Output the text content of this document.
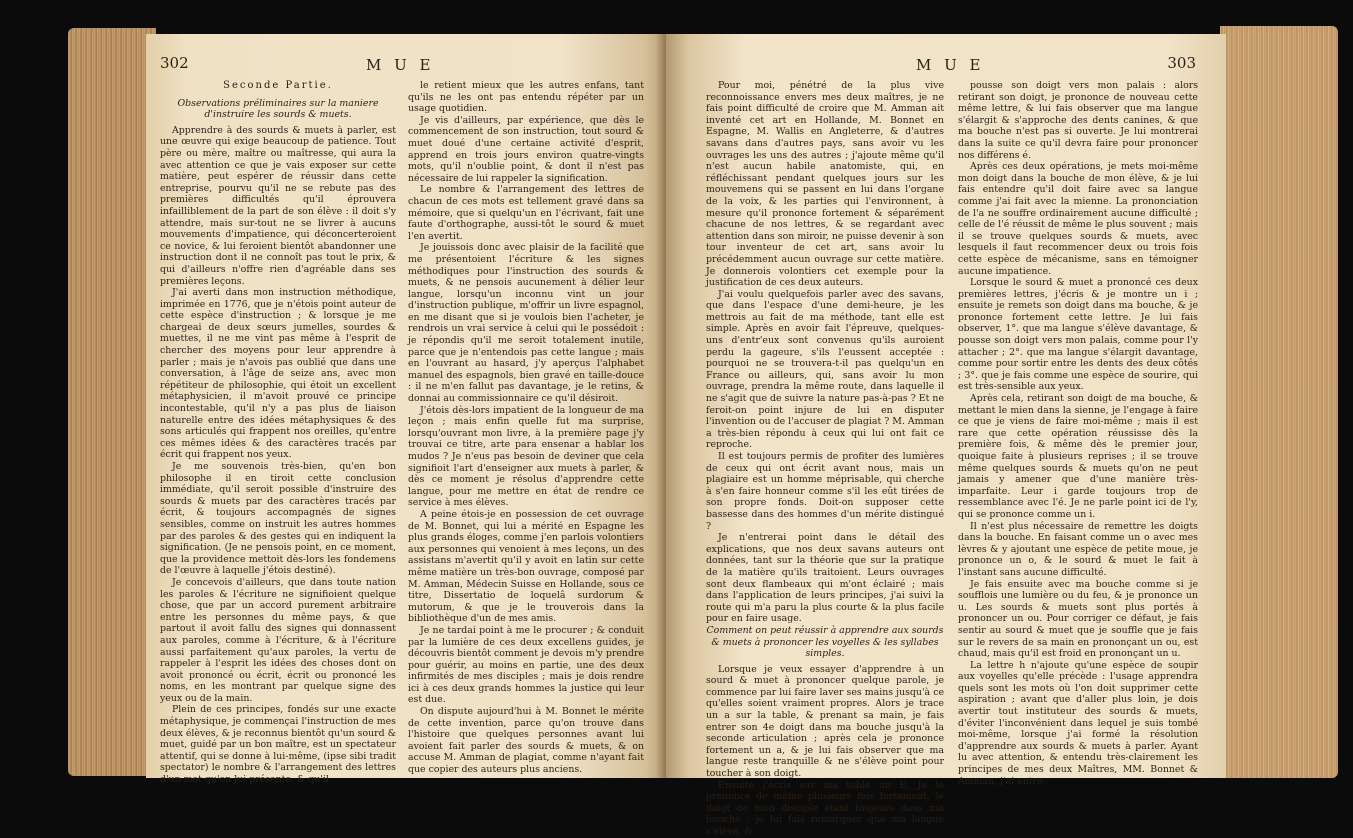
302	M U E

Seconde Partie.

Observations préliminaires sur la maniere d'instruire les sourds & muets.

Apprendre à des sourds & muets à parler, est une œuvre qui exige beaucoup de patience. Tout père ou mère, maître ou maîtresse, qui aura la avec attention ce que je vais exposer sur cette matière, peut espérer de réussir dans cette entreprise, pourvu qu'il ne se rebute pas des premières difficultés qu'il éprouvera infailliblement de la part de son élève : il doit s'y attendre, mais sur-tout ne se livrer à aucuns mouvements d'impatience, qui déconcerteroient ce novice, & lui feroient bientôt abandonner une instruction dont il ne connoît pas tout le prix, & qui d'ailleurs n'offre rien d'agréable dans ses premières leçons.

J'ai averti dans mon instruction méthodique, imprimée en 1776, que je n'étois point auteur de cette espèce d'instruction ; & lorsque je me chargeai de deux sœurs jumelles, sourdes & muettes, il ne me vint pas même à l'esprit de chercher des moyens pour leur apprendre à parler ; mais je n'avois pas oublié que dans une conversation, à l'âge de seize ans, avec mon répétiteur de philosophie, qui étoit un excellent métaphysicien, il m'avoit prouvé ce principe incontestable, qu'il n'y a pas plus de liaison naturelle entre des idées métaphysiques & des sons articulés qui frappent nos oreilles, qu'entre ces mêmes idées & des caractères tracés par écrit qui frappent nos yeux.

Je me souvenois très-bien, qu'en bon philosophe il en tiroit cette conclusion immédiate, qu'il seroit possible d'instruire des sourds & muets par des caractères tracés par écrit, & toujours accompagnés de signes sensibles, comme on instruit les autres hommes par des paroles & des gestes qui en indiquent la signification. (Je ne pensois point, en ce moment, que la providence mettoit dès-lors les fondemens de l'œuvre à laquelle j'étois destiné).

Je concevois d'ailleurs, que dans toute nation les paroles & l'écriture ne signifioient quelque chose, que par un accord purement arbitraire entre les personnes du même pays, & que partout il avoit fallu des signes qui donnassent aux paroles, comme à l'écriture, & à l'écriture aussi parfaitement qu'aux paroles, la vertu de rappeler à l'esprit les idées des choses dont on avoit prononcé ou écrit, écrit ou prononcé les noms, en les montrant par quelque signe des yeux ou de la main.

Plein de ces principes, fondés sur une exacte métaphysique, je commençai l'instruction de mes deux élèves, & je reconnus bientôt qu'un sourd & muet, guidé par un bon maître, est un spectateur attentif, qui se donne à lui-même, (ipse sibi tradit spectator) le nombre & l'arrangement des lettres d'un mot qu'on lui présente, & qu'il

le retient mieux que les autres enfans, tant qu'ils ne les ont pas entendu répéter par un usage quotidien.

Je vis d'ailleurs, par expérience, que dès le commencement de son instruction, tout sourd & muet doué d'une certaine activité d'esprit, apprend en trois jours environ quatre-vingts mots, qu'il n'oublie point, & dont il n'est pas nécessaire de lui rappeler la signification.

Le nombre & l'arrangement des lettres de chacun de ces mots est tellement gravé dans sa mémoire, que si quelqu'un en l'écrivant, fait une faute d'orthographe, aussi-tôt le sourd & muet l'en avertit.

Je jouissois donc avec plaisir de la facilité que me présentoient l'écriture & les signes méthodiques pour l'instruction des sourds & muets, & ne pensois aucunement à délier leur langue, lorsqu'un inconnu vint un jour d'instruction publique, m'offrir un livre espagnol, en me disant que si je voulois bien l'acheter, je rendrois un vrai service à celui qui le possédoit : je répondis qu'il me seroit totalement inutile, parce que je n'entendois pas cette langue ; mais en l'ouvrant au hasard, j'y aperçus l'alphabet manuel des espagnols, bien gravé en taille-douce : il ne m'en fallut pas davantage, je le retins, & donnai au commissionnaire ce qu'il désiroit.

J'étois dès-lors impatient de la longueur de ma leçon ; mais enfin quelle fut ma surprise, lorsqu'ouvrant mon livre, à la première page j'y trouvai ce titre, arte para ensenar a hablar los mudos ? Je n'eus pas besoin de deviner que cela signifioit l'art d'enseigner aux muets à parler, & dès ce moment je résolus d'apprendre cette langue, pour me mettre en état de rendre ce service à mes élèves.

A peine étois-je en possession de cet ouvrage de M. Bonnet, qui lui a mérité en Espagne les plus grands éloges, comme j'en parlois volontiers aux personnes qui venoient à mes leçons, un des assistans m'avertit qu'il y avoit en latin sur cette même matière un très-bon ouvrage, composé par M. Amman, Médecin Suisse en Hollande, sous ce titre, Dissertatio de loquelâ surdorum & mutorum, & que je le trouverois dans la bibliothèque d'un de mes amis.

Je ne tardai point à me le procurer ; & conduit par la lumière de ces deux excellens guides, je découvris bientôt comment je devois m'y prendre pour guérir, au moins en partie, une des deux infirmités de mes disciples ; mais je dois rendre ici à ces deux grands hommes la justice qui leur est due.

On dispute aujourd'hui à M. Bonnet le mérite de cette invention, parce qu'on trouve dans l'histoire que quelques personnes avant lui avoient fait parler des sourds & muets, & on accuse M. Amman de plagiat, comme n'ayant fait que copier des auteurs plus anciens.

M U E	303

Pour moi, pénétré de la plus vive reconnoissance envers mes deux maîtres, je ne fais point difficulté de croire que M. Amman ait inventé cet art en Hollande, M. Bonnet en Espagne, M. Wallis en Angleterre, & d'autres savans dans d'autres pays, sans avoir vu les ouvrages les uns des autres ; j'ajoute même qu'il n'est aucun habile anatomiste, qui, en réfléchissant pendant quelques jours sur les mouvemens qui se passent en lui dans l'organe de la voix, & les parties qui l'environnent, à mesure qu'il prononce fortement & séparément chacune de nos lettres, & se regardant avec attention dans son miroir, ne puisse devenir à son tour inventeur de cet art, sans avoir lu précédemment aucun ouvrage sur cette matière. Je donnerois volontiers cet exemple pour la justification de ces deux auteurs.

J'ai voulu quelquefois parler avec des savans, que dans l'espace d'une demi-heure, je les mettrois au fait de ma méthode, tant elle est simple. Après en avoir fait l'épreuve, quelques-uns d'entr'eux sont convenus qu'ils auroient perdu la gageure, s'ils l'eussent acceptée : pourquoi ne se trouvera-t-il pas quelqu'un en France ou ailleurs, qui, sans avoir lu mon ouvrage, prendra la même route, dans laquelle il ne s'agit que de suivre la nature pas-à-pas ? Et ne feroit-on point injure de lui en disputer l'invention ou de l'accuser de plagiat ? M. Amman a très-bien répondu à ceux qui lui ont fait ce reproche.

Il est toujours permis de profiter des lumières de ceux qui ont écrit avant nous, mais un plagiaire est un homme méprisable, qui cherche à s'en faire honneur comme s'il les eût tirées de son propre fonds. Doit-on supposer cette bassesse dans des hommes d'un mérite distingué ?

Je n'entrerai point dans le détail des explications, que nos deux savans auteurs ont données, tant sur la théorie que sur la pratique de la matière qu'ils traitoient. Leurs ouvrages sont deux flambeaux qui m'ont éclairé ; mais dans l'application de leurs principes, j'ai suivi la route qui m'a paru la plus courte & la plus facile pour en faire usage.

Comment on peut réussir à apprendre aux sourds & muets à prononcer les voyelles & les syllabes simples.

Lorsque je veux essayer d'apprendre à un sourd & muet à prononcer quelque parole, je commence par lui faire laver ses mains jusqu'à ce qu'elles soient vraiment propres. Alors je trace un a sur la table, & prenant sa main, je fais entrer son 4e doigt dans ma bouche jusqu'à la seconde articulation ; après cela je prononce fortement un a, & je lui fais observer que ma langue reste tranquille & ne s'élève point pour toucher à son doigt.

Ensuite j'écris sur ma table un E. Je le prononce de même plusieurs fois fortement, le doigt de mon disciple étant toujours dans ma bouche ; je lui fais remarquer que ma langue s'élève, &

pousse son doigt vers mon palais : alors retirant son doigt, je prononce de nouveau cette même lettre, & lui fais observer que ma langue s'élargit & s'approche des dents canines, & que ma bouche n'est pas si ouverte. Je lui montrerai dans la suite ce qu'il devra faire pour prononcer nos différens é.

Après ces deux opérations, je mets moi-même mon doigt dans la bouche de mon élève, & je lui fais entendre qu'il doit faire avec sa langue comme j'ai fait avec la mienne. La prononciation de l'a ne souffre ordinairement aucune difficulté ; celle de l'é réussit de même le plus souvent ; mais il se trouve quelques sourds & muets, avec lesquels il faut recommencer deux ou trois fois cette espèce de mécanisme, sans en témoigner aucune impatience.

Lorsque le sourd & muet a prononcé ces deux premières lettres, j'écris & je montre un i ; ensuite je remets son doigt dans ma bouche, & je prononce fortement cette lettre. Je lui fais observer, 1°. que ma langue s'élève davantage, & pousse son doigt vers mon palais, comme pour l'y attacher ; 2°. que ma langue s'élargit davantage, comme pour sortir entre les dents des deux côtés ; 3°. que je fais comme une espèce de sourire, qui est très-sensible aux yeux.

Après cela, retirant son doigt de ma bouche, & mettant le mien dans la sienne, je l'engage à faire ce que je viens de faire moi-même ; mais il est rare que cette opération réussisse dès la première fois, & même dès le premier jour, quoique faite à plusieurs reprises ; il se trouve même quelques sourds & muets qu'on ne peut jamais y amener que d'une manière très-imparfaite. Leur i garde toujours trop de ressemblance avec l'é. Je ne parle point ici de l'y, qui se prononce comme un i.

Il n'est plus nécessaire de remettre les doigts dans la bouche. En faisant comme un o avec mes lèvres & y ajoutant une espèce de petite moue, je prononce un o, & le sourd & muet le fait à l'instant sans aucune difficulté.

Je fais ensuite avec ma bouche comme si je soufflois une lumière ou du feu, & je prononce un u. Les sourds & muets sont plus portés à prononcer un ou. Pour corriger ce défaut, je fais sentir au sourd & muet que je souffle que je fais sur le revers de sa main en prononçant un ou, est chaud, mais qu'il est froid en prononçant un u.

La lettre h n'ajoute qu'une espèce de soupir aux voyelles qu'elle précède : l'usage apprendra quels sont les mots où l'on doit supprimer cette aspiration ; avant que d'aller plus loin, je dois avertir tout instituteur des sourds & muets, d'éviter l'inconvénient dans lequel je suis tombé moi-même, lorsque j'ai formé la résolution d'apprendre aux sourds & muets à parler. Ayant lu avec attention, & entendu très-clairement les principes de mes deux Maîtres, MM. Bonnet & Amman, j'ai entre-
